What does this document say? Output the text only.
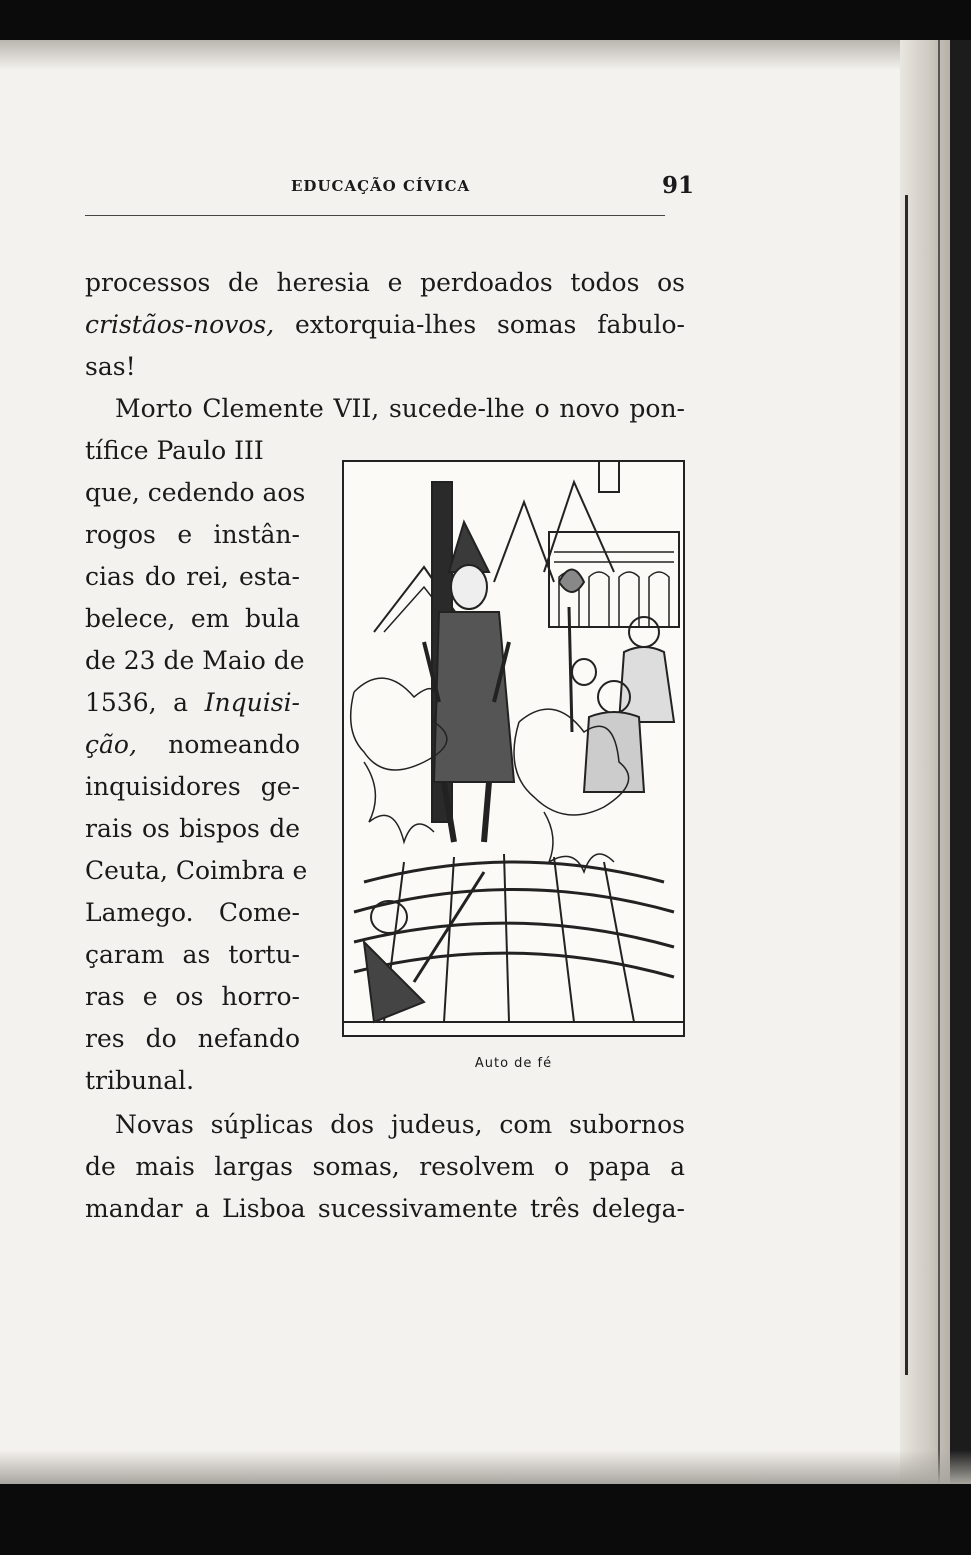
EDUCAÇÃO CÍVICA	91
processos de heresia e perdoados todos os
cristãos-novos, extorquia-lhes somas fabulo-
sas!
Morto Clemente VII, sucede-lhe o novo pon-
tífice Paulo III
que, cedendo aos
rogos e instân-
cias do rei, esta-
belece, em bula
de 23 de Maio de
1536, a Inquisi-
ção, nomeando
inquisidores ge-
rais os bispos de
Ceuta, Coimbra e
Lamego. Come-
çaram as tortu-
ras e os horro-
res do nefando
tribunal.
Auto de fé
Novas súplicas dos judeus, com subornos
de mais largas somas, resolvem o papa a
mandar a Lisboa sucessivamente três delega-
